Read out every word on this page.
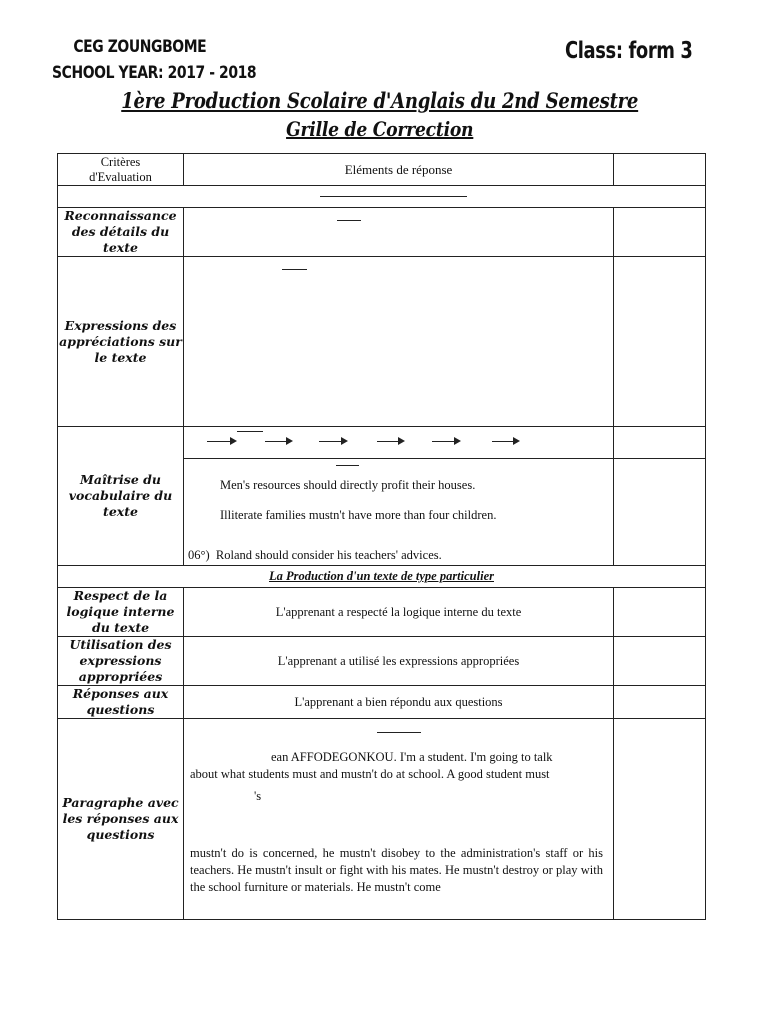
CEG ZOUNGBOME
SCHOOL YEAR: 2017 - 2018
Class: form 3
1ère Production Scolaire d'Anglais du 2nd Semestre
Grille de Correction
Critères d'Evaluation	Eléments de réponse	

Reconnaissance des détails du texte	

Expressions des appréciations sur le texte	

Maîtrise du vocabulaire du texte	

	Men's resources should directly profit their houses.
Illiterate families mustn't have more than four children.
06°) Roland should consider his teachers' advices.	

La Production d'un texte de type particulier		
Respect de la logique interne du texte	L'apprenant a respecté la logique interne du texte	
Utilisation des expressions appropriées	L'apprenant a utilisé les expressions appropriées	
Réponses aux questions	L'apprenant a bien répondu aux questions	
Paragraphe avec les réponses aux questions	ean AFFODEGONKOU. I'm a student. I'm going to talk
about what students must and mustn't do at school. A good student must
's
mustn't do is concerned, he mustn't disobey to the administration's staff or his teachers. He mustn't insult or fight with his mates. He mustn't destroy or play with the school furniture or materials. He mustn't come	
